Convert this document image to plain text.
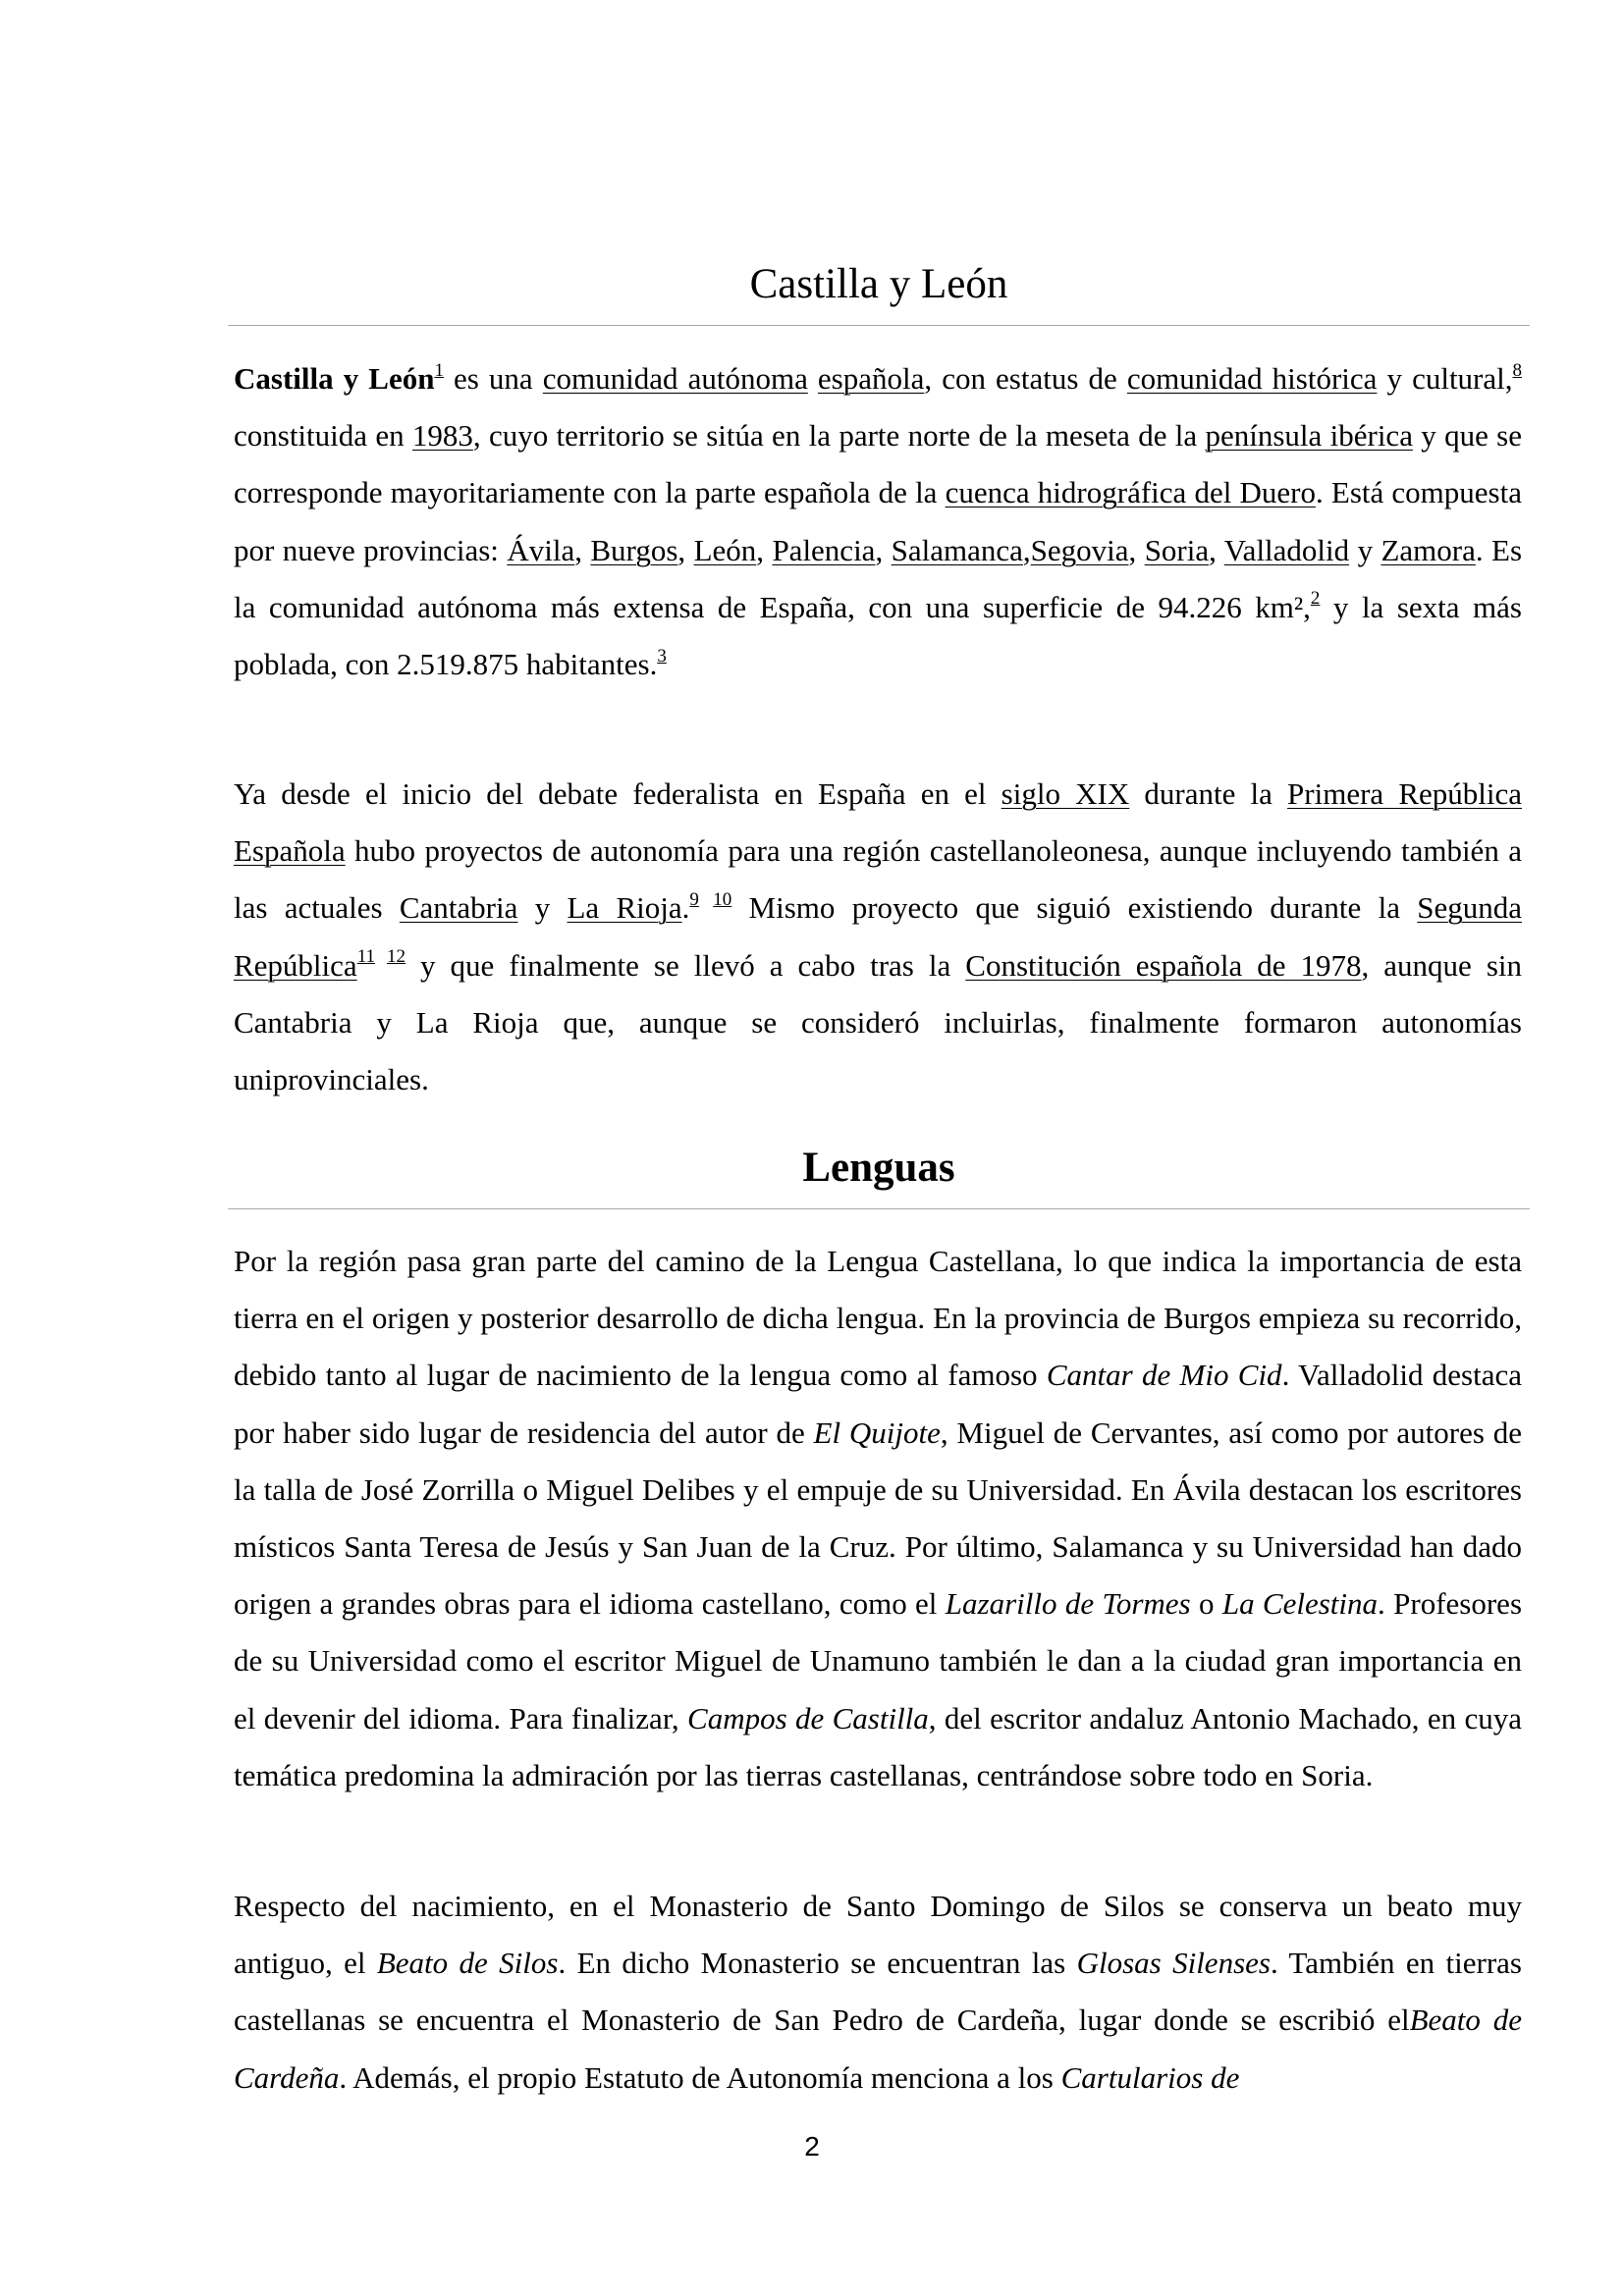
Castilla y León

Castilla y León$^1$ es una comunidad autónoma española, con estatus de comunidad histórica y cultural,$^8$ constituida en 1983, cuyo territorio se sitúa en la parte norte de la meseta de la península ibérica y que se corresponde mayoritariamente con la parte española de la cuenca hidrográfica del Duero. Está compuesta por nueve provincias: Ávila, Burgos, León, Palencia, Salamanca,Segovia, Soria, Valladolid y Zamora. Es la comunidad autónoma más extensa de España, con una superficie de 94.226 km²,$^2$ y la sexta más poblada, con 2.519.875 habitantes.$^3$

Ya desde el inicio del debate federalista en España en el siglo XIX durante la Primera República Española hubo proyectos de autonomía para una región castellanoleonesa, aunque incluyendo también a las actuales Cantabria y La Rioja.$^{9 10}$ Mismo proyecto que siguió existiendo durante la Segunda República$^{11 12}$ y que finalmente se llevó a cabo tras la Constitución española de 1978, aunque sin Cantabria y La Rioja que, aunque se consideró incluirlas, finalmente formaron autonomías uniprovinciales.

Lenguas

Por la región pasa gran parte del camino de la Lengua Castellana, lo que indica la importancia de esta tierra en el origen y posterior desarrollo de dicha lengua. En la provincia de Burgos empieza su recorrido, debido tanto al lugar de nacimiento de la lengua como al famoso Cantar de Mio Cid. Valladolid destaca por haber sido lugar de residencia del autor de El Quijote, Miguel de Cervantes, así como por autores de la talla de José Zorrilla o Miguel Delibes y el empuje de su Universidad. En Ávila destacan los escritores místicos Santa Teresa de Jesús y San Juan de la Cruz. Por último, Salamanca y su Universidad han dado origen a grandes obras para el idioma castellano, como el Lazarillo de Tormes o La Celestina. Profesores de su Universidad como el escritor Miguel de Unamuno también le dan a la ciudad gran importancia en el devenir del idioma. Para finalizar, Campos de Castilla, del escritor andaluz Antonio Machado, en cuya temática predomina la admiración por las tierras castellanas, centrándose sobre todo en Soria.

Respecto del nacimiento, en el Monasterio de Santo Domingo de Silos se conserva un beato muy antiguo, el Beato de Silos. En dicho Monasterio se encuentran las Glosas Silenses. También en tierras castellanas se encuentra el Monasterio de San Pedro de Cardeña, lugar donde se escribió elBeato de Cardeña. Además, el propio Estatuto de Autonomía menciona a los Cartularios de

2
